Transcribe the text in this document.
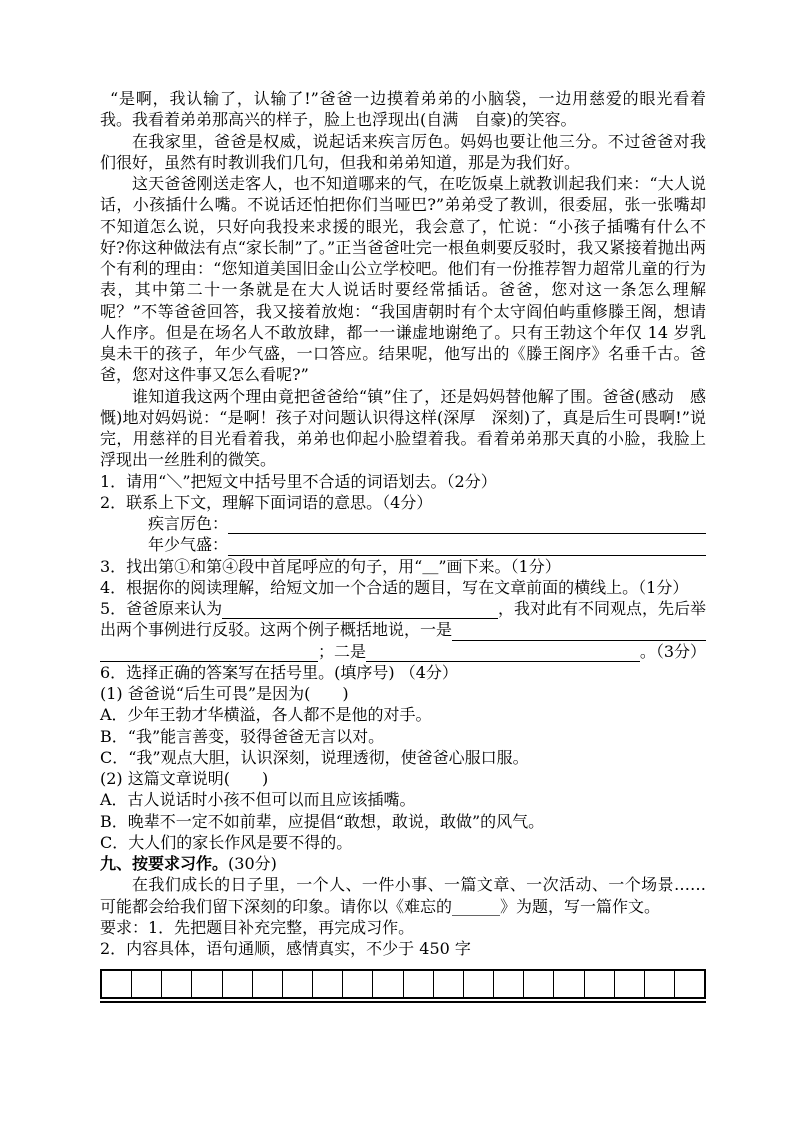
“是啊，我认输了，认输了!”爸爸一边摸着弟弟的小脑袋，一边用慈爱的眼光看着我。我看着弟弟那高兴的样子，脸上也浮现出(自满　自豪)的笑容。

在我家里，爸爸是权威，说起话来疾言厉色。妈妈也要让他三分。不过爸爸对我们很好，虽然有时教训我们几句，但我和弟弟知道，那是为我们好。

这天爸爸刚送走客人，也不知道哪来的气，在吃饭桌上就教训起我们来：“大人说话，小孩插什么嘴。不说话还怕把你们当哑巴?”弟弟受了教训，很委屈，张一张嘴却不知道怎么说，只好向我投来求援的眼光，我会意了，忙说：“小孩子插嘴有什么不好?你这种做法有点“家长制”了。”正当爸爸吐完一根鱼刺要反驳时，我又紧接着抛出两个有利的理由：“您知道美国旧金山公立学校吧。他们有一份推荐智力超常儿童的行为表，其中第二十一条就是在大人说话时要经常插话。爸爸，您对这一条怎么理解呢？”不等爸爸回答，我又接着放炮：“我国唐朝时有个太守阎伯屿重修滕王阁，想请人作序。但是在场名人不敢放肆，都一一谦虚地谢绝了。只有王勃这个年仅 14 岁乳臭未干的孩子，年少气盛，一口答应。结果呢，他写出的《滕王阁序》名垂千古。爸爸，您对这件事又怎么看呢?”

谁知道我这两个理由竟把爸爸给“镇”住了，还是妈妈替他解了围。爸爸(感动　感慨)地对妈妈说：“是啊！孩子对问题认识得这样(深厚　深刻)了，真是后生可畏啊!”说完，用慈祥的目光看着我，弟弟也仰起小脸望着我。看着弟弟那天真的小脸，我脸上浮现出一丝胜利的微笑。

1．请用“＼”把短文中括号里不合适的词语划去。（2分）

2．联系上下文，理解下面词语的意思。（4分）

疾言厉色：
年少气盛：

3．找出第①和第④段中首尾呼应的句子，用“＿”画下来。（1分）

4．根据你的阅读理解，给短文加一个合适的题目，写在文章前面的横线上。（1分）

5．爸爸原来认为	，我对此有不同观点，先后举
出两个事例进行反驳。这两个例子概括地说，一是
；二是	。（3分）

6．选择正确的答案写在括号里。(填序号) （4分）

(1) 爸爸说“后生可畏”是因为(　　)

A．少年王勃才华横溢，各人都不是他的对手。

B．“我”能言善变，驳得爸爸无言以对。

C．“我”观点大胆，认识深刻，说理透彻，使爸爸心服口服。

(2) 这篇文章说明(　　)

A．古人说话时小孩不但可以而且应该插嘴。

B．晚辈不一定不如前辈，应提倡“敢想，敢说，敢做”的风气。

C．大人们的家长作风是要不得的。

九、按要求习作。(30分)

在我们成长的日子里，一个人、一件小事、一篇文章、一次活动、一个场景……可能都会给我们留下深刻的印象。请你以《难忘的______》为题，写一篇作文。

要求：1．先把题目补充完整，再完成习作。

2．内容具体，语句通顺，感情真实，不少于 450 字
